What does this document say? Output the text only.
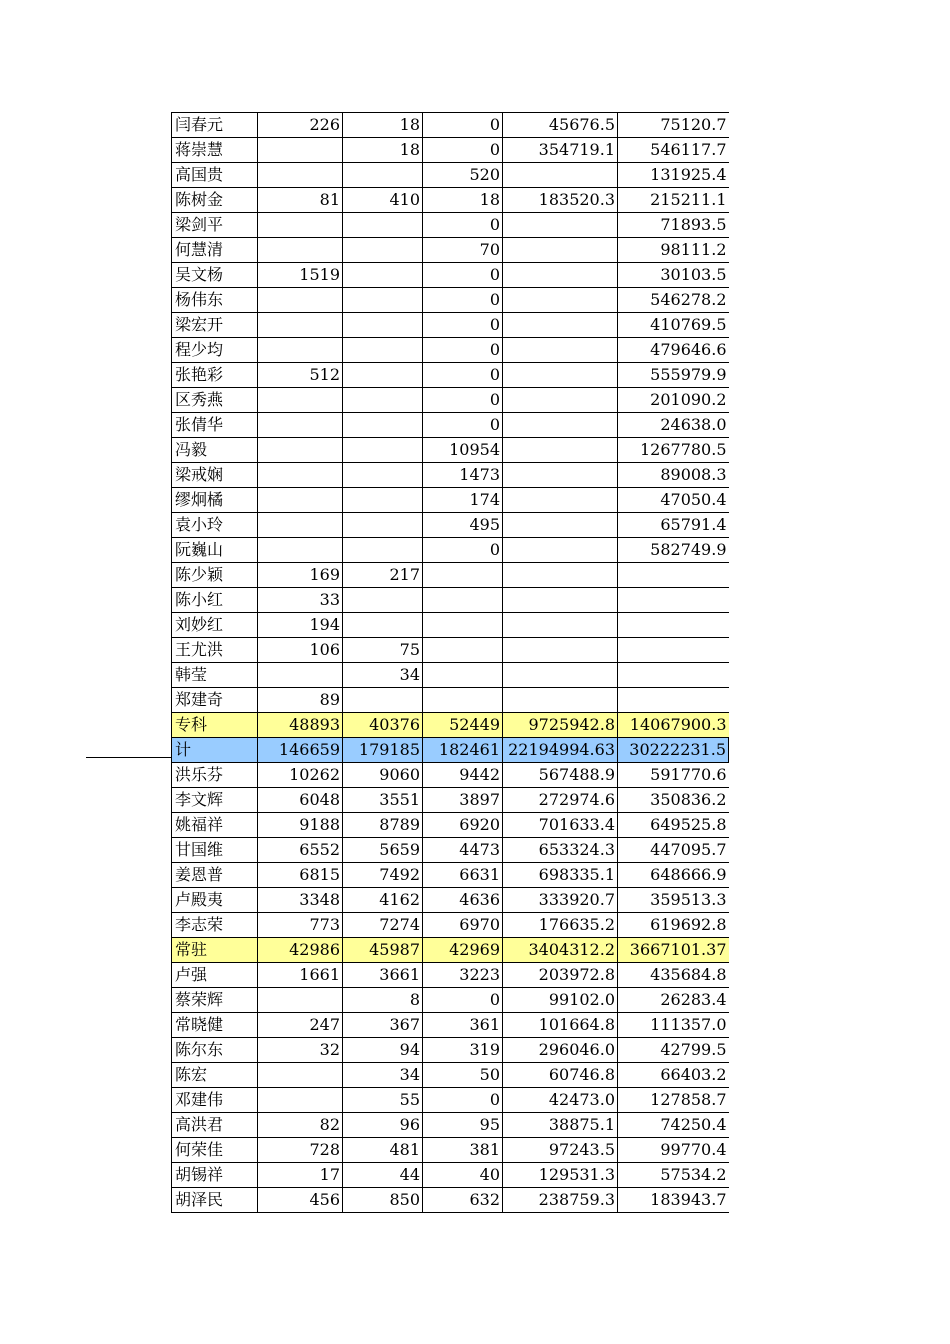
闫春元	226	18	0	45676.5	75120.7
蒋崇慧		18	0	354719.1	546117.7
高国贵			520		131925.4
陈树金	81	410	18	183520.3	215211.1
梁剑平			0		71893.5
何慧清			70		98111.2
吴文杨	1519		0		30103.5
杨伟东			0		546278.2
梁宏开			0		410769.5
程少均			0		479646.6
张艳彩	512		0		555979.9
区秀燕			0		201090.2
张倩华			0		24638.0
冯毅			10954		1267780.5
梁戒娴			1473		89008.3
缪炯橘			174		47050.4
袁小玲			495		65791.4
阮巍山			0		582749.9
陈少颖	169	217			
陈小红	33				
刘妙红	194				
王尤洪	106	75			
韩莹		34			
郑建奇	89				
专科	48893	40376	52449	9725942.8	14067900.3
计	146659	179185	182461	22194994.63	30222231.5
洪乐芬	10262	9060	9442	567488.9	591770.6
李文辉	6048	3551	3897	272974.6	350836.2
姚福祥	9188	8789	6920	701633.4	649525.8
甘国维	6552	5659	4473	653324.3	447095.7
姜恩普	6815	7492	6631	698335.1	648666.9
卢殿夷	3348	4162	4636	333920.7	359513.3
李志荣	773	7274	6970	176635.2	619692.8
常驻	42986	45987	42969	3404312.2	3667101.37
卢强	1661	3661	3223	203972.8	435684.8
蔡荣辉		8	0	99102.0	26283.4
常晓健	247	367	361	101664.8	111357.0
陈尔东	32	94	319	296046.0	42799.5
陈宏		34	50	60746.8	66403.2
邓建伟		55	0	42473.0	127858.7
高洪君	82	96	95	38875.1	74250.4
何荣佳	728	481	381	97243.5	99770.4
胡锡祥	17	44	40	129531.3	57534.2
胡泽民	456	850	632	238759.3	183943.7
